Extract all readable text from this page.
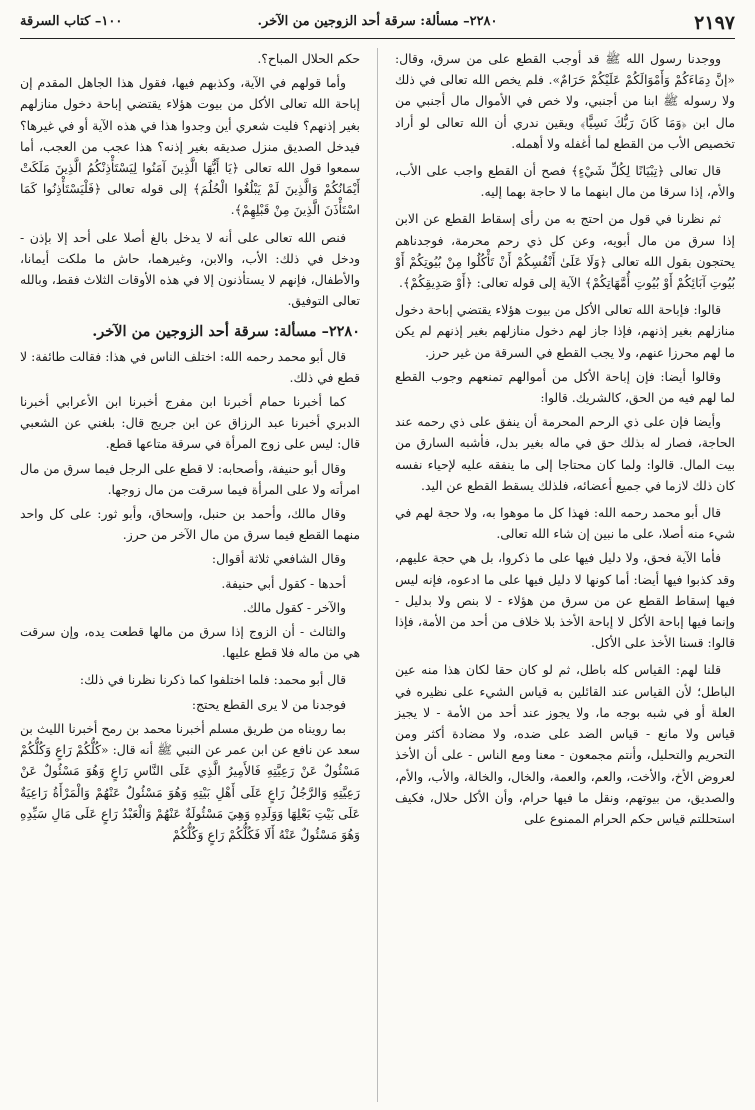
٢١٩٧
٢٢٨٠– مسألة: سرقة أحد الزوجين من الآخر.
١٠٠– كتاب السرقة

ووجدنا رسول الله ﷺ قد أوجب القطع على من سرق، وقال: «إنَّ دِمَاءَكُمْ وَأَمْوَالَكُمْ عَلَيْكُمْ حَرَامٌ». فلم يخص الله تعالى في ذلك ولا رسوله ﷺ ابنا من أجنبي، ولا خص في الأموال مال أجنبي من مال ابن ﴿وَمَا كَانَ رَبُّكَ نَسِيًّا﴾ ويقين ندري أن الله تعالى لو أراد تخصيص الأب من القطع لما أغفله ولا أهمله.

قال تعالى ﴿تِبْيَانًا لِكُلِّ شَيْءٍ﴾ فصح أن القطع واجب على الأب، والأم، إذا سرقا من مال ابنهما ما لا حاجة بهما إليه.

ثم نظرنا في قول من احتج به من رأى إسقاط القطع عن الابن إذا سرق من مال أبويه، وعن كل ذي رحم محرمة، فوجدناهم يحتجون بقول الله تعالى ﴿وَلَا عَلَىٰ أَنْفُسِكُمْ أَنْ تَأْكُلُوا مِنْ بُيُوتِكُمْ أَوْ بُيُوتِ آبَائِكُمْ أَوْ بُيُوتِ أُمَّهَاتِكُمْ﴾ الآية إلى قوله تعالى: ﴿أَوْ صَدِيقِكُمْ﴾.

قالوا: فإباحة الله تعالى الأكل من بيوت هؤلاء يقتضي إباحة دخول منازلهم بغير إذنهم، فإذا جاز لهم دخول منازلهم بغير إذنهم لم يكن ما لهم محرزا عنهم، ولا يجب القطع في السرقة من غير حرز.

وقالوا أيضا: فإن إباحة الأكل من أموالهم تمنعهم وجوب القطع لما لهم فيه من الحق، كالشريك. قالوا:

وأيضا فإن على ذي الرحم المحرمة أن ينفق على ذي رحمه عند الحاجة، فصار له بذلك حق في ماله بغير بدل، فأشبه السارق من بيت المال. قالوا: ولما كان محتاجا إلى ما ينفقه عليه لإحياء نفسه كان ذلك لازما في جميع أعضائه، فلذلك يسقط القطع عن اليد.

قال أبو محمد رحمه الله: فهذا كل ما موهوا به، ولا حجة لهم في شيء منه أصلا، على ما نبين إن شاء الله تعالى.

فأما الآية فحق، ولا دليل فيها على ما ذكروا، بل هي حجة عليهم، وقد كذبوا فيها أيضا: أما كونها لا دليل فيها على ما ادعوه، فإنه ليس فيها إسقاط القطع عن من سرق من هؤلاء - لا بنص ولا بدليل - وإنما فيها إباحة الأكل لا إباحة الأخذ بلا خلاف من أحد من الأمة، فإذا قالوا: قسنا الأخذ على الأكل.

قلنا لهم: القياس كله باطل، ثم لو كان حقا لكان هذا منه عين الباطل؛ لأن القياس عند القائلين به قياس الشيء على نظيره في العلة أو في شبه بوجه ما، ولا يجوز عند أحد من الأمة - لا يجيز قياس ولا مانع - قياس الضد على ضده، ولا مضادة أكثر ومن التحريم والتحليل، وأنتم مجمعون - معنا ومع الناس - على أن الأخذ لعروض الأخ، والأخت، والعم، والعمة، والخال، والخالة، والأب، والأم، والصديق، من بيوتهم، ونقل ما فيها حرام، وأن الأكل حلال، فكيف استحللتم قياس حكم الحرام الممنوع على

حكم الحلال المباح؟.

وأما قولهم في الآية، وكذبهم فيها، فقول هذا الجاهل المقدم إن إباحة الله تعالى الأكل من بيوت هؤلاء يقتضي إباحة دخول منازلهم بغير إذنهم؟ فليت شعري أين وجدوا هذا في هذه الآية أو في غيرها؟ فيدخل الصديق منزل صديقه بغير إذنه؟ هذا عجب من العجب، أما سمعوا قول الله تعالى ﴿يَا أَيُّهَا الَّذِينَ آمَنُوا لِيَسْتَأْذِنْكُمُ الَّذِينَ مَلَكَتْ أَيْمَانُكُمْ وَالَّذِينَ لَمْ يَبْلُغُوا الْحُلُمَ﴾ إلى قوله تعالى ﴿فَلْيَسْتَأْذِنُوا كَمَا اسْتَأْذَنَ الَّذِينَ مِنْ قَبْلِهِمْ﴾.

فنص الله تعالى على أنه لا يدخل بالغ أصلا على أحد إلا بإذن - ودخل في ذلك: الأب، والابن، وغيرهما، حاش ما ملكت أيمانا، والأطفال، فإنهم لا يستأذنون إلا في هذه الأوقات الثلاث فقط، وبالله تعالى التوفيق.

٢٢٨٠– مسألة: سرقة أحد الزوجين من الآخر.

قال أبو محمد رحمه الله: اختلف الناس في هذا: فقالت طائفة: لا قطع في ذلك.

كما أخبرنا حمام أخبرنا ابن مفرج أخبرنا ابن الأعرابي أخبرنا الدبري أخبرنا عبد الرزاق عن ابن جريج قال: بلغني عن الشعبي قال: ليس على زوج المرأة في سرقة متاعها قطع.

وقال أبو حنيفة، وأصحابه: لا قطع على الرجل فيما سرق من مال امرأته ولا على المرأة فيما سرقت من مال زوجها.

وقال مالك، وأحمد بن حنبل، وإسحاق، وأبو ثور: على كل واحد منهما القطع فيما سرق من مال الآخر من حرز.

وقال الشافعي ثلاثة أقوال:

أحدها - كقول أبي حنيفة.

والآخر - كقول مالك.

والثالث - أن الزوج إذا سرق من مالها قطعت يده، وإن سرقت هي من ماله فلا قطع عليها.

قال أبو محمد: فلما اختلفوا كما ذكرنا نظرنا في ذلك:

فوجدنا من لا يرى القطع يحتج:

بما رويناه من طريق مسلم أخبرنا محمد بن رمح أخبرنا الليث بن سعد عن نافع عن ابن عمر عن النبي ﷺ أنه قال: «كُلُّكُمْ رَاعٍ وَكُلُّكُمْ مَسْئُولٌ عَنْ رَعِيَّتِهِ فَالأَمِيرُ الَّذِي عَلَى النَّاسِ رَاعٍ وَهُوَ مَسْئُولٌ عَنْ رَعِيَّتِهِ وَالرَّجُلُ رَاعٍ عَلَى أَهْلِ بَيْتِهِ وَهُوَ مَسْئُولٌ عَنْهُمْ وَالْمَرْأَةُ رَاعِيَةٌ عَلَى بَيْتِ بَعْلِهَا وَوَلَدِهِ وَهِيَ مَسْئُولَةٌ عَنْهُمْ وَالْعَبْدُ رَاعٍ عَلَى مَالِ سَيِّدِهِ وَهُوَ مَسْئُولٌ عَنْهُ أَلَا فَكُلُّكُمْ رَاعٍ وَكُلُّكُمْ
